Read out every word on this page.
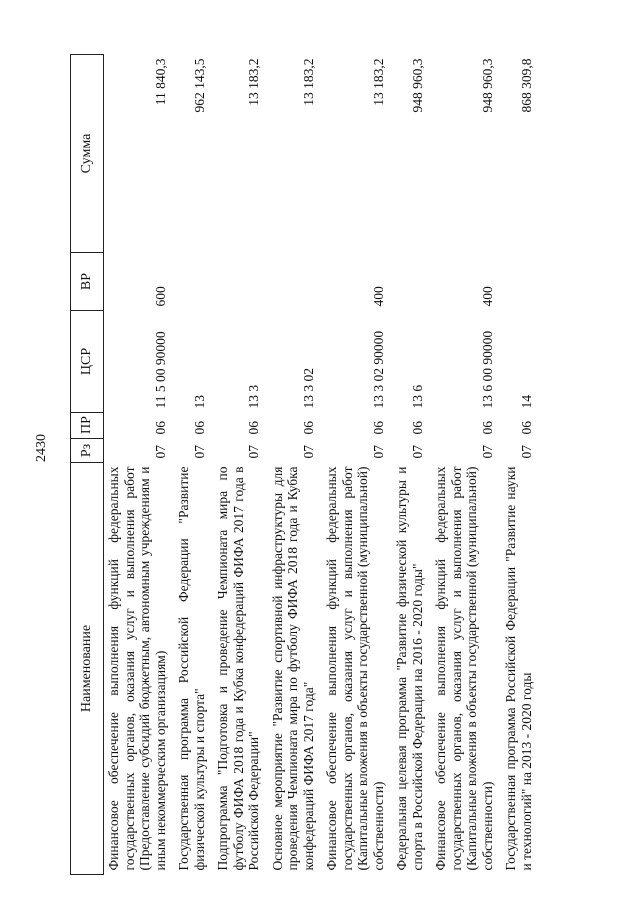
2430
Наименование	Рз	ПР	ЦСР	ВР	Сумма
Финансовое обеспечение выполнения функций федеральных государственных органов, оказания услуг и выполнения работ (Предоставление субсидий бюджетным, автономным учреждениям и иным некоммерческим организациям)	07	06	11 5 00 90000	600	11 840,3
Государственная программа Российской Федерации "Развитие физической культуры и спорта"	07	06	13		962 143,5
Подпрограмма "Подготовка и проведение Чемпионата мира по футболу ФИФА 2018 года и Кубка конфедераций ФИФА 2017 года в Российской Федерации"	07	06	13 3		13 183,2
Основное мероприятие "Развитие спортивной инфраструктуры для проведения Чемпионата мира по футболу ФИФА 2018 года и Кубка конфедераций ФИФА 2017 года"	07	06	13 3 02		13 183,2
Финансовое обеспечение выполнения функций федеральных государственных органов, оказания услуг и выполнения работ (Капитальные вложения в объекты государственной (муниципальной) собственности)	07	06	13 3 02 90000	400	13 183,2
Федеральная целевая программа "Развитие физической культуры и спорта в Российской Федерации на 2016 - 2020 годы"	07	06	13 6		948 960,3
Финансовое обеспечение выполнения функций федеральных государственных органов, оказания услуг и выполнения работ (Капитальные вложения в объекты государственной (муниципальной) собственности)	07	06	13 6 00 90000	400	948 960,3
Государственная программа Российской Федерации "Развитие науки и технологий" на 2013 - 2020 годы	07	06	14		868 309,8
